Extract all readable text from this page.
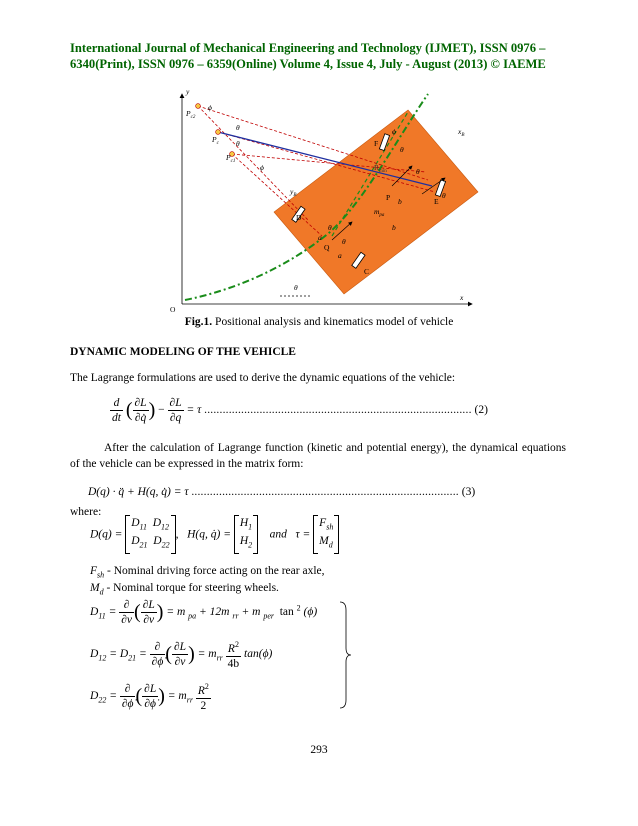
International Journal of Mechanical Engineering and Technology (IJMET), ISSN 0976 –
6340(Print), ISSN 0976 – 6359(Online) Volume 4, Issue 4, July - August (2013) © IAEME
y
x
O
$P_{c2}$
ϕ
θ
$P_c$ θ
$P_{c1}$
ϕ
$x_B$
$y_B$
$R_{min}$
$m_{pa}$
b
b
a
a
C
D
E
F
P
Q
ϕ
θ
θ
θ
θ
θ
θ
Fig.1. Positional analysis and kinematics model of vehicle
DYNAMIC MODELING OF THE VEHICLE
The Lagrange formulations are used to derive the dynamic equations of the vehicle:
$\frac{d}{dt}$ ( $\frac{\partial L}{\partial q̇}$ ) − $\frac{\partial L}{\partial q} = \tau$ ....................................................................................... (2)
After the calculation of Lagrange function (kinetic and potential energy), the dynamical equations of the vehicle can be expressed in the matrix form:
D(q) · q̈ + H(q, q̇) = τ ....................................................................................... (3)
where:
D(q) =
$D_{11}$ $D_{12}$
$D_{21}$ $D_{22}$
, H(q, q̇) =
$H_1$
$H_2$
and τ =
$F_{sh}$
$M_d$
$F_{sh}$ - Nominal driving force acting on the rear axle,
$M_d$ - Nominal torque for steering wheels.
$D_{11} = \frac{\partial}{\partial v}$ ( $\frac{\partial L}{\partial v}$ ) = m $_{pa}$ + 12m $_{rr}$ + m $_{per}$ tan $^2$ (ϕ)
$D_{12} = D_{21} = \frac{\partial}{\partial\phi̇}$ ( $\frac{\partial L}{\partial v}$ ) = $m_{rr} \frac{R^2}{4b} \tan(\phi)$
$D_{22} = \frac{\partial}{\partial\phi̇}$ ( $\frac{\partial L}{\partial\phi̇}$ ) = $m_{rr} \frac{R^2}{2}$
293
